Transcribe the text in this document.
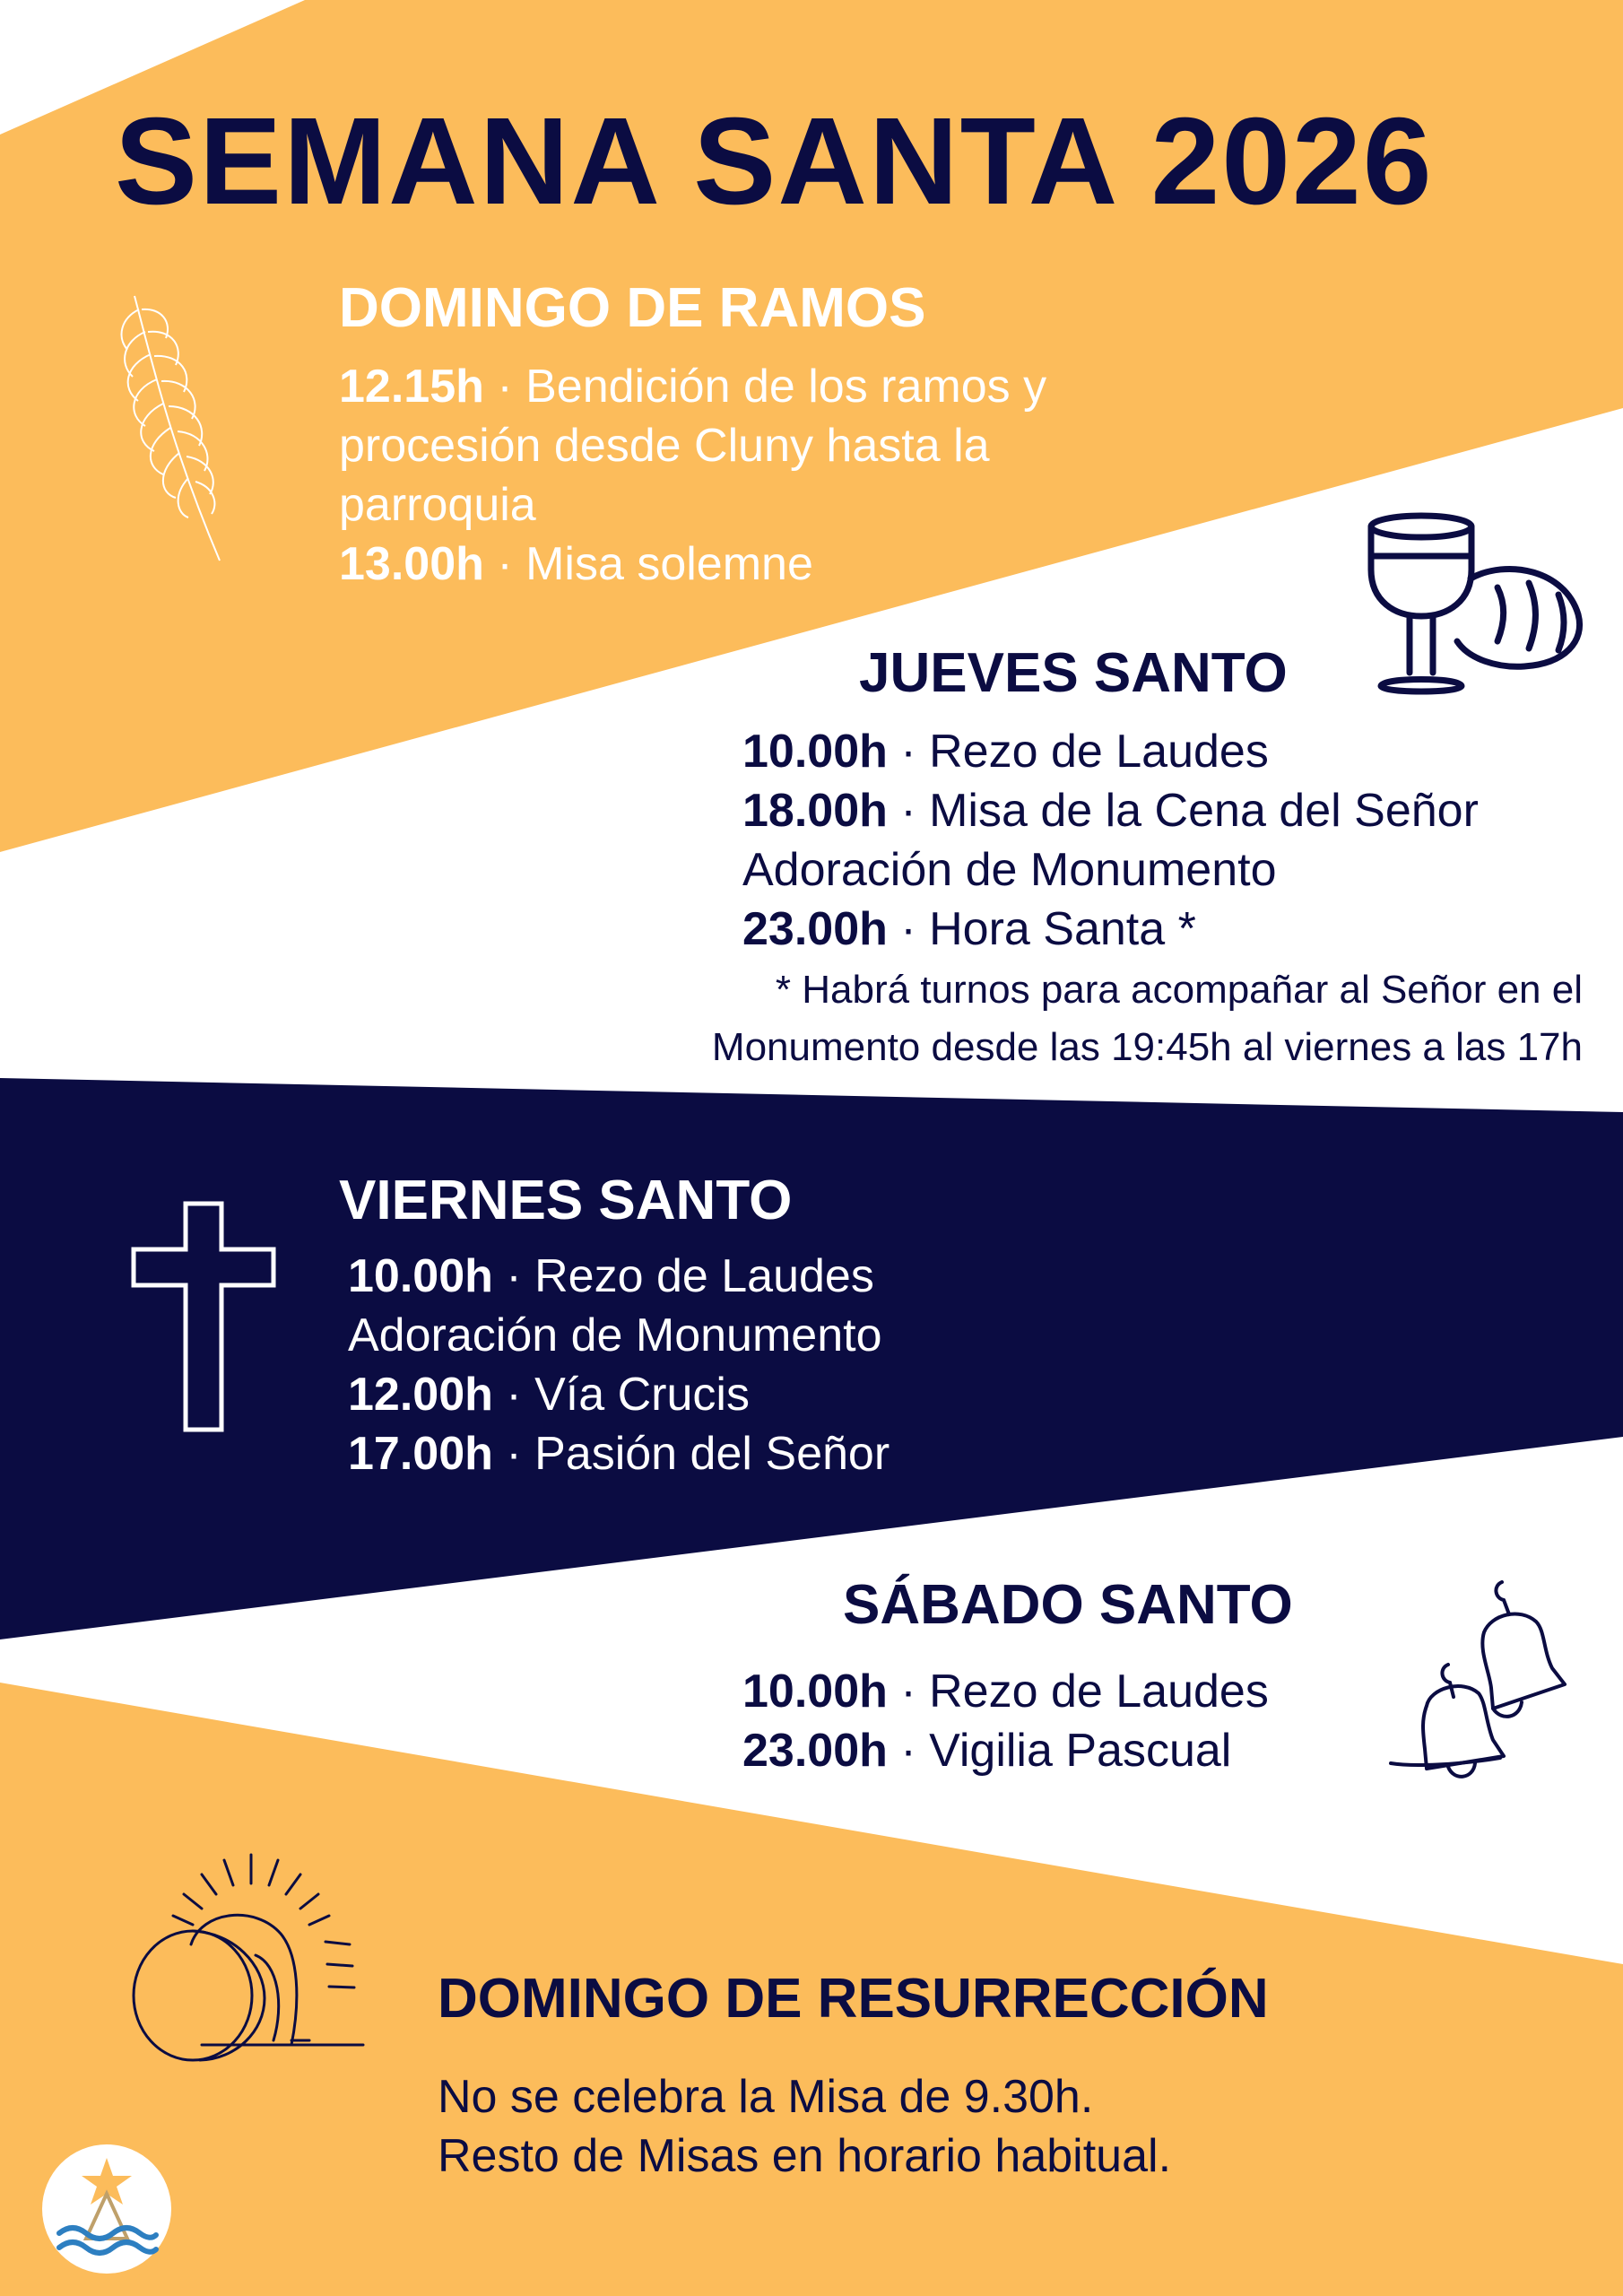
SEMANA SANTA 2026
DOMINGO DE RAMOS
12.15h · Bendición de los ramos y
procesión desde Cluny hasta la
parroquia
13.00h · Misa solemne
JUEVES SANTO
10.00h · Rezo de Laudes
18.00h · Misa de la Cena del Señor
Adoración de Monumento
23.00h · Hora Santa *
* Habrá turnos para acompañar al Señor en el
Monumento desde las 19:45h al viernes a las 17h
VIERNES SANTO
10.00h · Rezo de Laudes
Adoración de Monumento
12.00h · Vía Crucis
17.00h · Pasión del Señor
SÁBADO SANTO
10.00h · Rezo de Laudes
23.00h · Vigilia Pascual
DOMINGO DE RESURRECCIÓN
No se celebra la Misa de 9.30h.
Resto de Misas en horario habitual.
